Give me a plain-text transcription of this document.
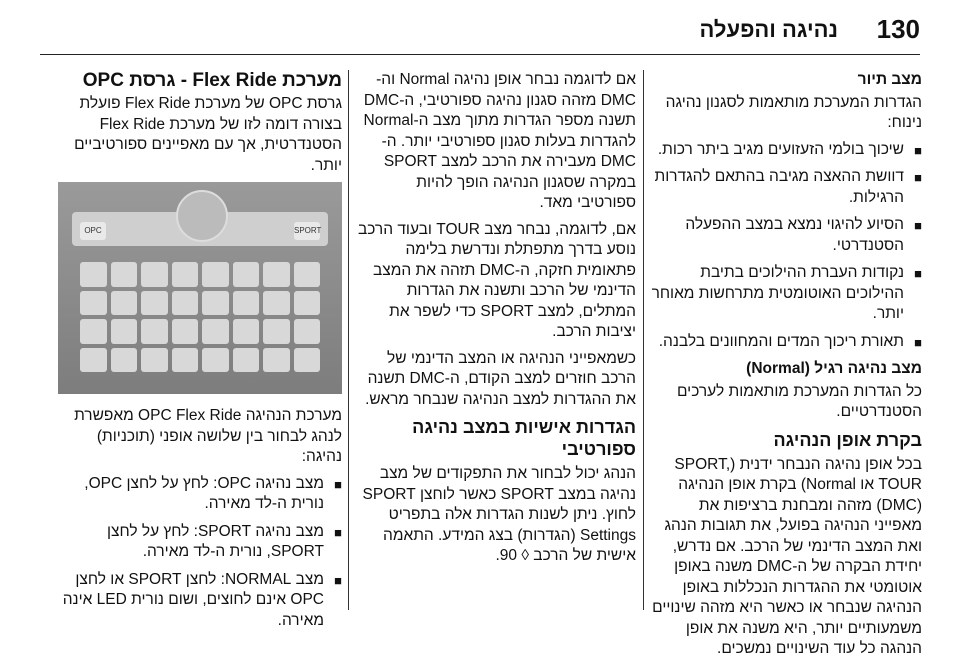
130
נהיגה והפעלה

מצב תיור

הגדרות המערכת מותאמות לסגנון נהיגה נינוח:

■
שיכוך בולמי הזעזועים מגיב ביתר רכות.
■
דוושת ההאצה מגיבה בהתאם להגדרות הרגילות.
■
הסיוע להיגוי נמצא במצב ההפעלה הסטנדרטי.
■
נקודות העברת ההילוכים בתיבת ההילוכים האוטומטית מתרחשות מאוחר יותר.
■
תאורת ריכוך המדים והמחוונים בלבנה.

מצב נהיגה רגיל (Normal)

כל הגדרות המערכת מותאמות לערכים הסטנדרטיים.

בקרת אופן הנהיגה

בכל אופן נהיגה הנבחר ידנית (SPORT, TOUR או Normal) בקרת אופן הנהיגה (DMC) מזהה ומבחנת ברציפות את מאפייני הנהיגה בפועל, את תגובות הנהג ואת המצב הדינמי של הרכב. אם נדרש, יחידת הבקרה של ה-DMC משנה באופן אוטומטי את ההגדרות הנכללות באופן הנהיגה שנבחר או כאשר היא מזהה שינויים משמעותיים יותר, היא משנה את אופן הנהגה כל עוד השינויים נמשכים.

אם לדוגמה נבחר אופן נהיגה Normal וה-DMC מזהה סגנון נהיגה ספורטיבי, ה-DMC תשנה מספר הגדרות מתוך מצב ה-Normal להגדרות בעלות סגנון ספורטיבי יותר. ה-DMC מעבירה את הרכב למצב SPORT במקרה שסגנון הנהיגה הופך להיות ספורטיבי מאד.

אם, לדוגמה, נבחר מצב TOUR ובעוד הרכב נוסע בדרך מתפתלת ונדרשת בלימה פתאומית חזקה, ה-DMC תזהה את המצב הדינמי של הרכב ותשנה את הגדרות המתלים, למצב SPORT כדי לשפר את יציבות הרכב.

כשמאפייני הנהיגה או המצב הדינמי של הרכב חוזרים למצב הקודם, ה-DMC תשנה את ההגדרות למצב הנהיגה שנבחר מראש.

הגדרות אישיות במצב נהיגה ספורטיבי

הנהג יכול לבחור את התפקודים של מצב נהיגה במצב SPORT כאשר לוחצן SPORT לחוץ. ניתן לשנות הגדרות אלה בתפריט Settings (הגדרות) בצג המידע. התאמה אישית של הרכב ◊ 90.

מערכת Flex Ride - גרסת OPC

גרסת OPC של מערכת Flex Ride פועלת בצורה דומה לזו של מערכת Flex Ride הסטנדרטית, אך עם מאפיינים ספורטיביים יותר.

OPC	SPORT

מערכת הנהיגה OPC Flex Ride מאפשרת לנהג לבחור בין שלושה אופני (תוכניות) נהיגה:

■
מצב נהיגה OPC: לחץ על לחצן OPC, נורית ה-לד מאירה.
■
מצב נהיגה SPORT: לחץ על לחצן SPORT, נורית ה-לד מאירה.
■
מצב NORMAL: לחצן SPORT או לחצן OPC אינם לחוצים, ושום נורית LED אינה מאירה.
